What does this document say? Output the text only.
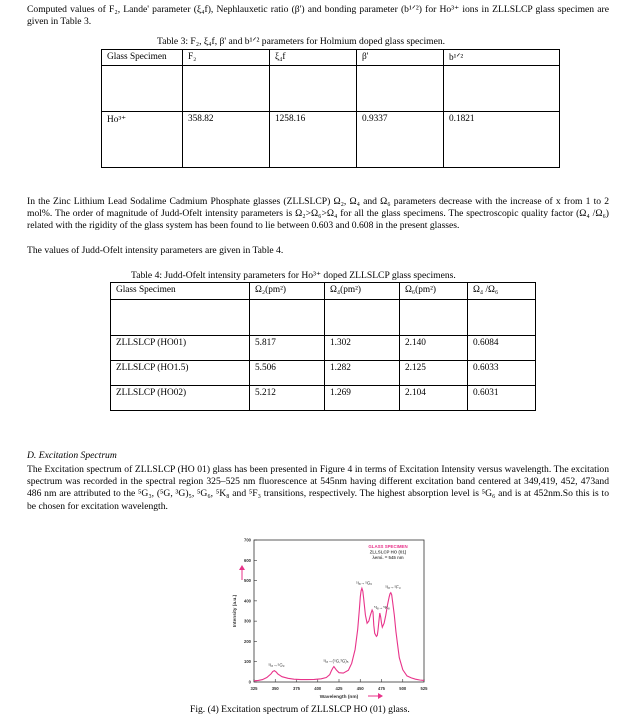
Computed values of F₂, Lande' parameter (ξ₄f), Nephlauxetic ratio (β') and bonding parameter (b¹ᐟ²) for Ho³⁺ ions in ZLLSLCP glass specimen are given in Table 3.

Table 3: F₂, ξ₄f, β' and b¹ᐟ² parameters for Holmium doped glass specimen.
Glass Specimen	F₂	ξ₄f	β'	b¹ᐟ²

Ho³⁺	358.82	1258.16	0.9337	0.1821

In the Zinc Lithium Lead Sodalime Cadmium Phosphate glasses (ZLLSLCP) Ω₂, Ω₄ and Ω₆ parameters decrease with the increase of x from 1 to 2 mol%. The order of magnitude of Judd-Ofelt intensity parameters is Ω₂>Ω₆>Ω₄ for all the glass specimens. The spectroscopic quality factor (Ω₄ /Ω₆) related with the rigidity of the glass system has been found to lie between 0.603 and 0.608 in the present glasses.

The values of Judd-Ofelt intensity parameters are given in Table 4.

Table 4: Judd-Ofelt intensity parameters for Ho³⁺ doped ZLLSLCP glass specimens.
Glass Specimen	Ω₂(pm²)	Ω₄(pm²)	Ω₆(pm²)	Ω₄ /Ω₆

ZLLSLCP (HO01)	5.817	1.302	2.140	0.6084
ZLLSLCP (HO1.5)	5.506	1.282	2.125	0.6033
ZLLSLCP (HO02)	5.212	1.269	2.104	0.6031
D. Excitation Spectrum

The Excitation spectrum of ZLLSLCP (HO 01) glass has been presented in Figure 4 in terms of Excitation Intensity versus wavelength. The excitation spectrum was recorded in the spectral region 325–525 nm fluorescence at 545nm having different excitation band centered at 349,419, 452, 473and 486 nm are attributed to the ⁵G₃, (⁵G, ³G)₅, ⁵G₆, ⁵K₈ and ⁵F₃ transitions, respectively. The highest absorption level is ⁵G₆ and is at 452nm.So this is to be chosen for excitation wavelength.

325	350	375	400	425	450	475	500	525
0
100
200
300
400
500
600
700
⁵I₈→⁵G₆
⁵I₈→⁵F₃
⁵I₈→⁵K₈
⁵I₈→(⁵G,³G)₅
⁵I₈→⁵G₃
GLASS SPECIMEN
ZLLSLCP HO (01)
λemi. = 545 nm
Wavelength (nm)
Intensity (a.u.)
Fig. (4) Excitation spectrum of ZLLSLCP HO (01) glass.
